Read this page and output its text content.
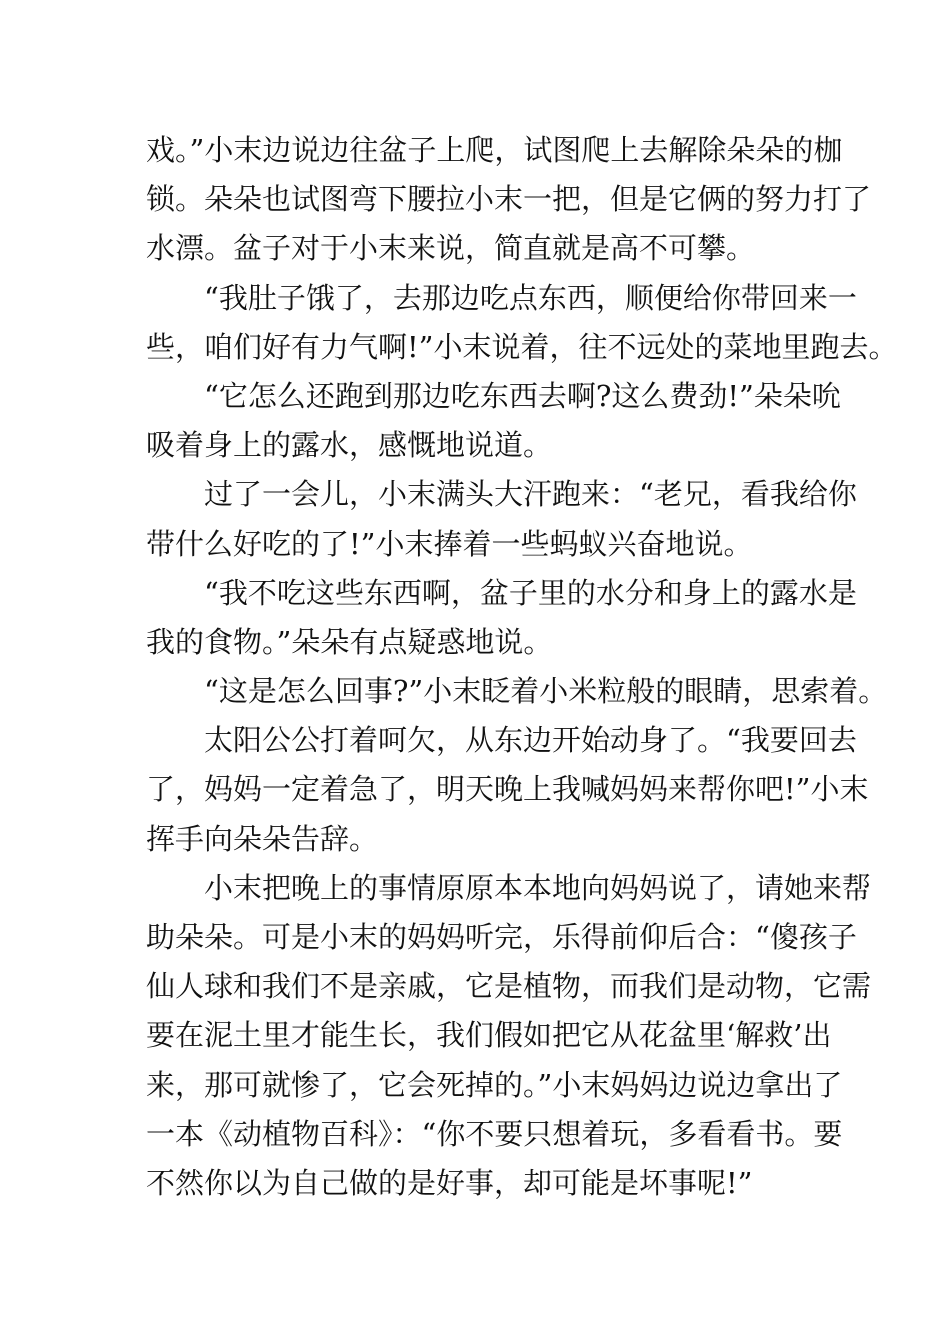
戏。”小末边说边往盆子上爬，试图爬上去解除朵朵的枷
锁。朵朵也试图弯下腰拉小末一把，但是它俩的努力打了
水漂。盆子对于小末来说，简直就是高不可攀。
“我肚子饿了，去那边吃点东西，顺便给你带回来一
些，咱们好有力气啊!”小末说着，往不远处的菜地里跑去。
“它怎么还跑到那边吃东西去啊?这么费劲!”朵朵吮
吸着身上的露水，感慨地说道。
过了一会儿，小末满头大汗跑来：“老兄，看我给你
带什么好吃的了!”小末捧着一些蚂蚁兴奋地说。
“我不吃这些东西啊，盆子里的水分和身上的露水是
我的食物。”朵朵有点疑惑地说。
“这是怎么回事?”小末眨着小米粒般的眼睛，思索着。
太阳公公打着呵欠，从东边开始动身了。“我要回去
了，妈妈一定着急了，明天晚上我喊妈妈来帮你吧!”小末
挥手向朵朵告辞。
小末把晚上的事情原原本本地向妈妈说了，请她来帮
助朵朵。可是小末的妈妈听完，乐得前仰后合：“傻孩子
仙人球和我们不是亲戚，它是植物，而我们是动物，它需
要在泥土里才能生长，我们假如把它从花盆里‘解救’出
来，那可就惨了，它会死掉的。”小末妈妈边说边拿出了
一本《动植物百科》：“你不要只想着玩，多看看书。要
不然你以为自己做的是好事，却可能是坏事呢!”
